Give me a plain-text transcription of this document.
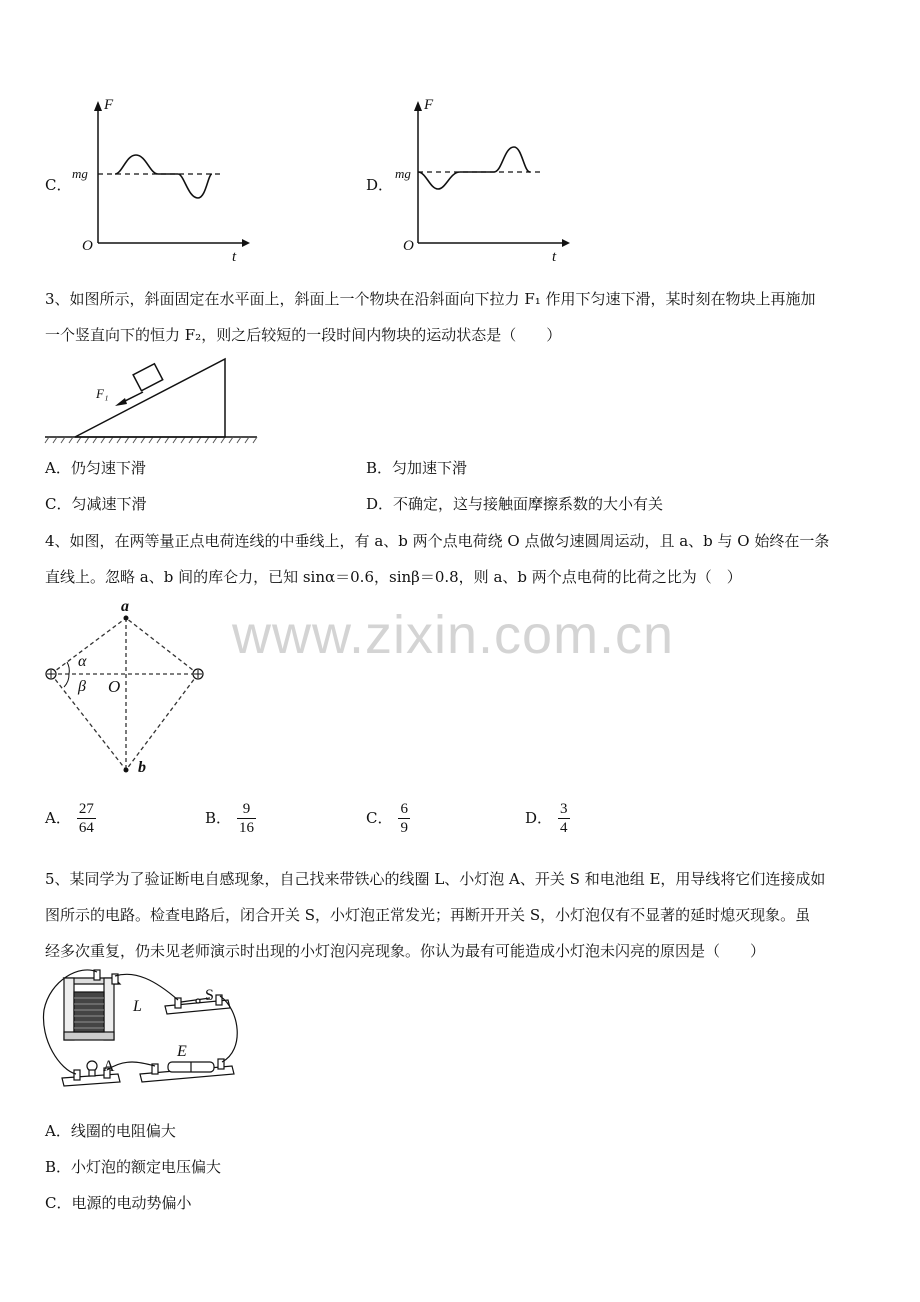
www.zixin.com.cn
C．
F
mg
O
t
D．
F
mg
O
t
3、如图所示，斜面固定在水平面上，斜面上一个物块在沿斜面向下拉力 F₁ 作用下匀速下滑，某时刻在物块上再施加
一个竖直向下的恒力 F₂，则之后较短的一段时间内物块的运动状态是（　　）
F₁
A．仍匀速下滑	B．匀加速下滑
C．匀减速下滑	D．不确定，这与接触面摩擦系数的大小有关
4、如图，在两等量正点电荷连线的中垂线上，有 a、b 两个点电荷绕 O 点做匀速圆周运动，且 a、b 与 O 始终在一条
直线上。忽略 a、b 间的库仑力，已知 sinα＝0.6，sinβ＝0.8，则 a、b 两个点电荷的比荷之比为（　）
a
b
O
α
β
A． $\frac{27}{64}$	B． $\frac{9}{16}$	C． $\frac{6}{9}$	D． $\frac{3}{4}$
5、某同学为了验证断电自感现象，自己找来带铁心的线圈 L、小灯泡 A、开关 S 和电池组 E，用导线将它们连接成如
图所示的电路。检查电路后，闭合开关 S，小灯泡正常发光；再断开开关 S，小灯泡仅有不显著的延时熄灭现象。虽
经多次重复，仍未见老师演示时出现的小灯泡闪亮现象。你认为最有可能造成小灯泡未闪亮的原因是（　　）
L
S
E
A
A．线圈的电阻偏大
B．小灯泡的额定电压偏大
C．电源的电动势偏小
